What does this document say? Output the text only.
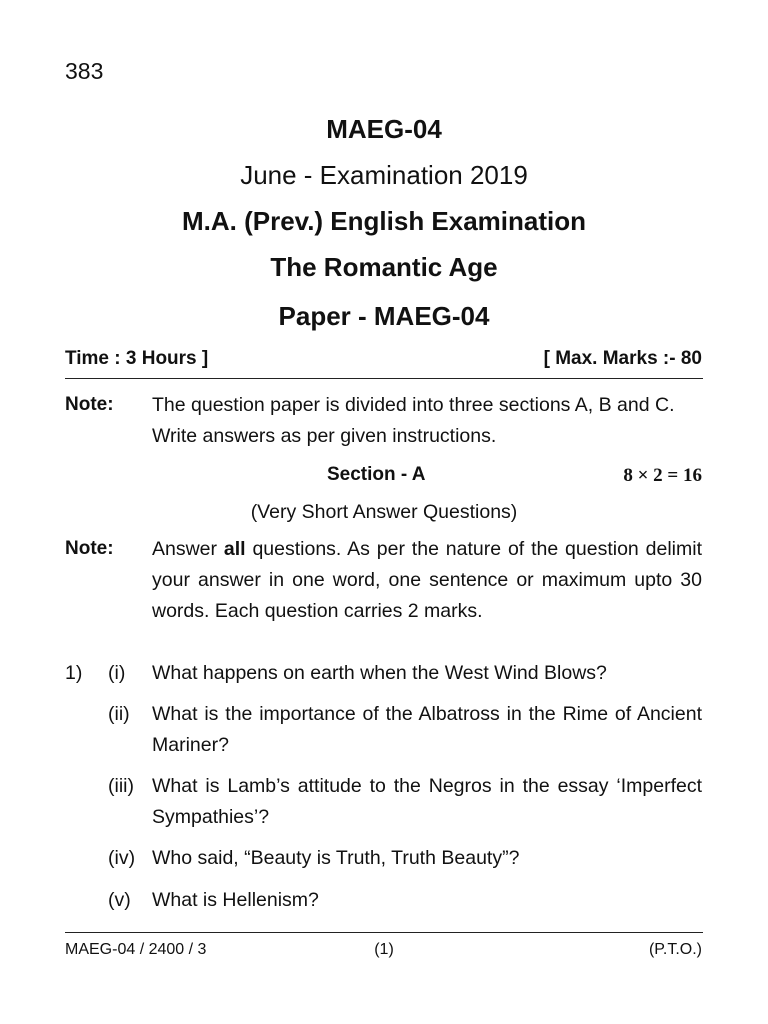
383
MAEG-04
June - Examination 2019
M.A. (Prev.) English Examination
The Romantic Age
Paper - MAEG-04
Time : 3 Hours ]	[ Max. Marks :- 80
Note: The question paper is divided into three sections A, B and C. Write answers as per given instructions.
Section - A	8 × 2 = 16
(Very Short Answer Questions)
Note: Answer all questions. As per the nature of the question delimit your answer in one word, one sentence or maximum upto 30 words. Each question carries 2 marks.
1) (i) What happens on earth when the West Wind Blows?
(ii) What is the importance of the Albatross in the Rime of Ancient Mariner?
(iii) What is Lamb’s attitude to the Negros in the essay ‘Imperfect Sympathies’?
(iv) Who said, “Beauty is Truth, Truth Beauty”?
(v) What is Hellenism?
MAEG-04 / 2400 / 3	(1)	(P.T.O.)
